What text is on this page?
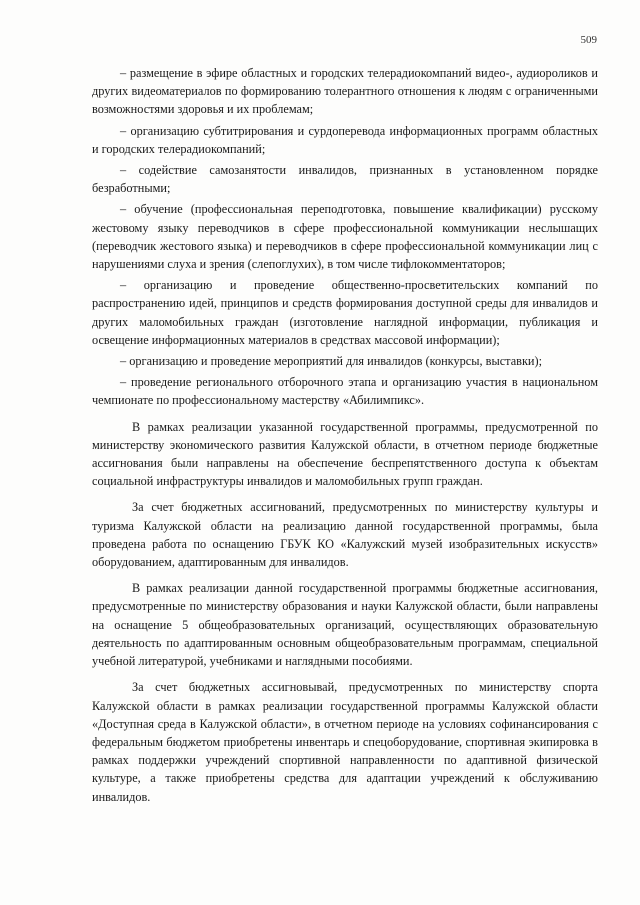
509

– размещение в эфире областных и городских телерадиокомпаний видео-, аудиороликов и других видеоматериалов по формированию толерантного отношения к людям с ограниченными возможностями здоровья и их проблемам;

– организацию субтитрирования и сурдоперевода информационных программ областных и городских телерадиокомпаний;

– содействие самозанятости инвалидов, признанных в установленном порядке безработными;

– обучение (профессиональная переподготовка, повышение квалификации) русскому жестовому языку переводчиков в сфере профессиональной коммуникации неслышащих (переводчик жестового языка) и переводчиков в сфере профессиональной коммуникации лиц с нарушениями слуха и зрения (слепоглухих), в том числе тифлокомментаторов;

– организацию и проведение общественно-просветительских компаний по распространению идей, принципов и средств формирования доступной среды для инвалидов и других маломобильных граждан (изготовление наглядной информации, публикация и освещение информационных материалов в средствах массовой информации);

– организацию и проведение мероприятий для инвалидов (конкурсы, выставки);

– проведение регионального отборочного этапа и организацию участия в национальном чемпионате по профессиональному мастерству «Абилимпикс».

В рамках реализации указанной государственной программы, предусмотренной по министерству экономического развития Калужской области, в отчетном периоде бюджетные ассигнования были направлены на обеспечение беспрепятственного доступа к объектам социальной инфраструктуры инвалидов и маломобильных групп граждан.

За счет бюджетных ассигнований, предусмотренных по министерству культуры и туризма Калужской области на реализацию данной государственной программы, была проведена работа по оснащению ГБУК КО «Калужский музей изобразительных искусств» оборудованием, адаптированным для инвалидов.

В рамках реализации данной государственной программы бюджетные ассигнования, предусмотренные по министерству образования и науки Калужской области, были направлены на оснащение 5 общеобразовательных организаций, осуществляющих образовательную деятельность по адаптированным основным общеобразовательным программам, специальной учебной литературой, учебниками и наглядными пособиями.

За счет бюджетных ассигновывай, предусмотренных по министерству спорта Калужской области в рамках реализации государственной программы Калужской области «Доступная среда в Калужской области», в отчетном периоде на условиях софинансирования с федеральным бюджетом приобретены инвентарь и спецоборудование, спортивная экипировка в рамках поддержки учреждений спортивной направленности по адаптивной физической культуре, а также приобретены средства для адаптации учреждений к обслуживанию инвалидов.
